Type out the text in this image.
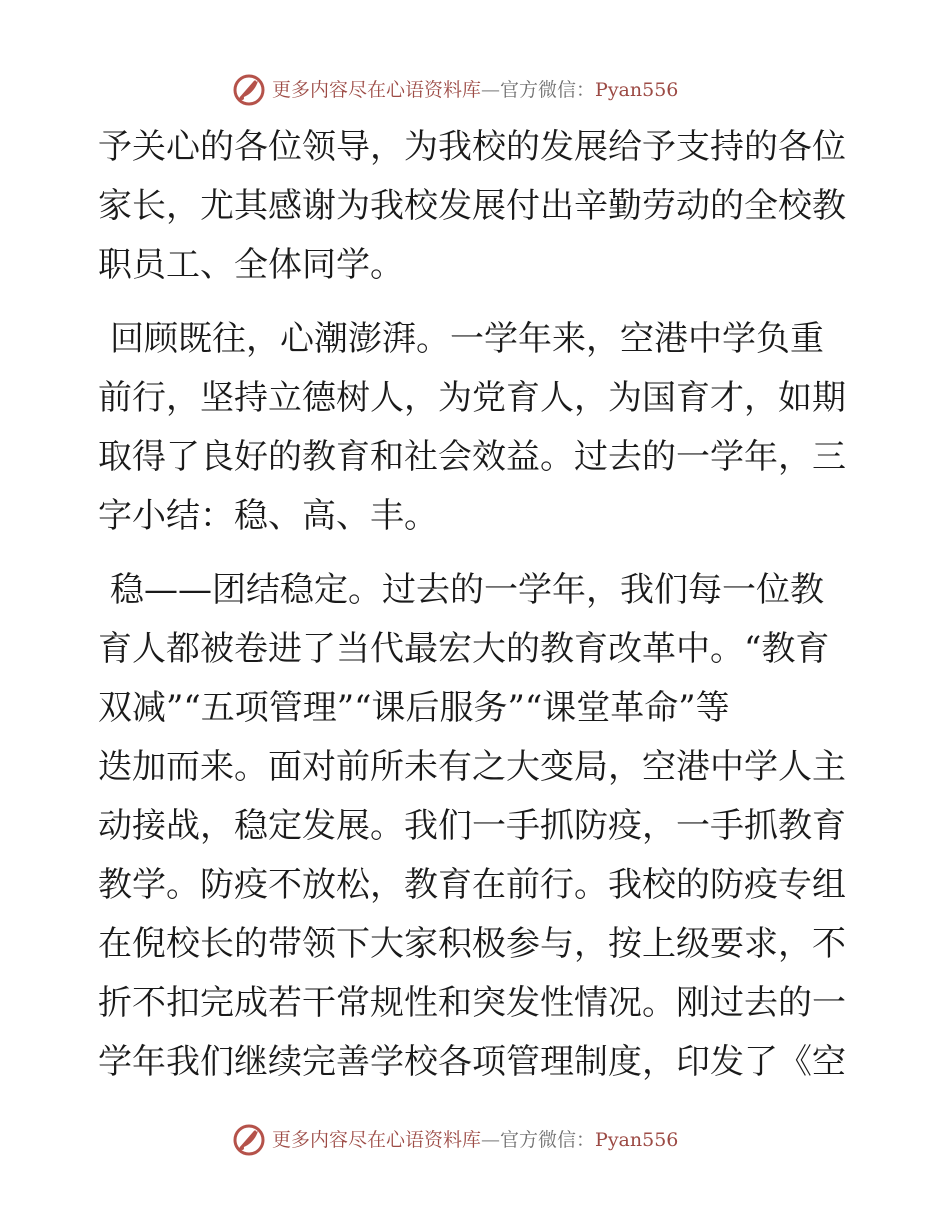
更多内容尽在心语资料库—官方微信：Pyan556
予关心的各位领导，为我校的发展给予支持的各位
家长，尤其感谢为我校发展付出辛勤劳动的全校教
职员工、全体同学。
回顾既往，心潮澎湃。一学年来，空港中学负重
前行，坚持立德树人，为党育人，为国育才，如期
取得了良好的教育和社会效益。过去的一学年，三
字小结：稳、高、丰。
稳——团结稳定。过去的一学年，我们每一位教
育人都被卷进了当代最宏大的教育改革中。“教育
双减”“五项管理”“课后服务”“课堂革命”等
迭加而来。面对前所未有之大变局，空港中学人主
动接战，稳定发展。我们一手抓防疫，一手抓教育
教学。防疫不放松，教育在前行。我校的防疫专组
在倪校长的带领下大家积极参与，按上级要求，不
折不扣完成若干常规性和突发性情况。刚过去的一
学年我们继续完善学校各项管理制度，印发了《空
更多内容尽在心语资料库—官方微信：Pyan556
